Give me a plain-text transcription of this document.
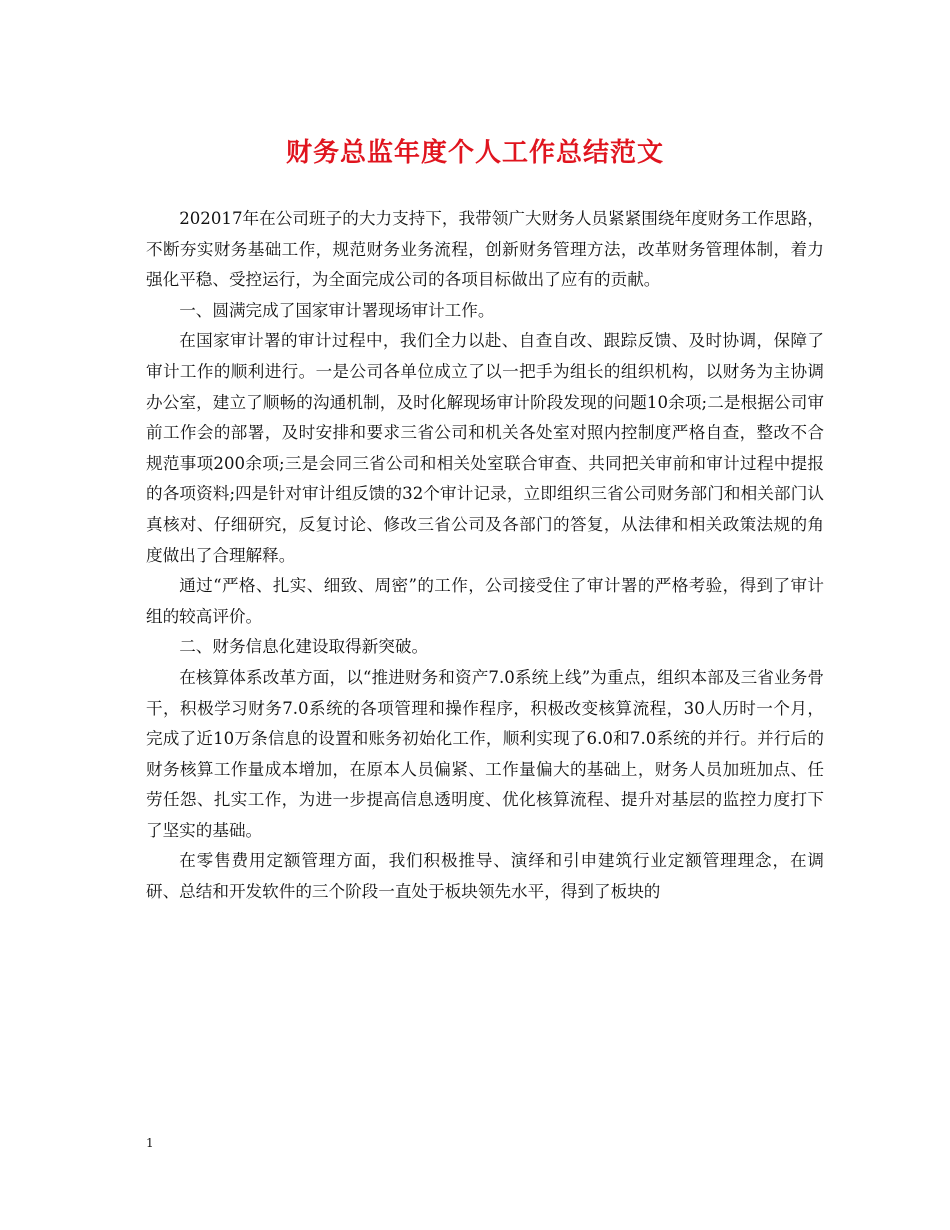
财务总监年度个人工作总结范文

202017年在公司班子的大力支持下，我带领广大财务人员紧紧围绕年度财务工作思路，不断夯实财务基础工作，规范财务业务流程，创新财务管理方法，改革财务管理体制，着力强化平稳、受控运行，为全面完成公司的各项目标做出了应有的贡献。

一、圆满完成了国家审计署现场审计工作。

在国家审计署的审计过程中，我们全力以赴、自查自改、跟踪反馈、及时协调，保障了审计工作的顺利进行。一是公司各单位成立了以一把手为组长的组织机构，以财务为主协调办公室，建立了顺畅的沟通机制，及时化解现场审计阶段发现的问题10余项;二是根据公司审前工作会的部署，及时安排和要求三省公司和机关各处室对照内控制度严格自查，整改不合规范事项200余项;三是会同三省公司和相关处室联合审查、共同把关审前和审计过程中提报的各项资料;四是针对审计组反馈的32个审计记录，立即组织三省公司财务部门和相关部门认真核对、仔细研究，反复讨论、修改三省公司及各部门的答复，从法律和相关政策法规的角度做出了合理解释。

通过“严格、扎实、细致、周密”的工作，公司接受住了审计署的严格考验，得到了审计组的较高评价。

二、财务信息化建设取得新突破。

在核算体系改革方面，以“推进财务和资产7.0系统上线”为重点，组织本部及三省业务骨干，积极学习财务7.0系统的各项管理和操作程序，积极改变核算流程，30人历时一个月，完成了近10万条信息的设置和账务初始化工作，顺利实现了6.0和7.0系统的并行。并行后的财务核算工作量成本增加，在原本人员偏紧、工作量偏大的基础上，财务人员加班加点、任劳任怨、扎实工作，为进一步提高信息透明度、优化核算流程、提升对基层的监控力度打下了坚实的基础。

在零售费用定额管理方面，我们积极推导、演绎和引申建筑行业定额管理理念，在调研、总结和开发软件的三个阶段一直处于板块领先水平，得到了板块的

1
